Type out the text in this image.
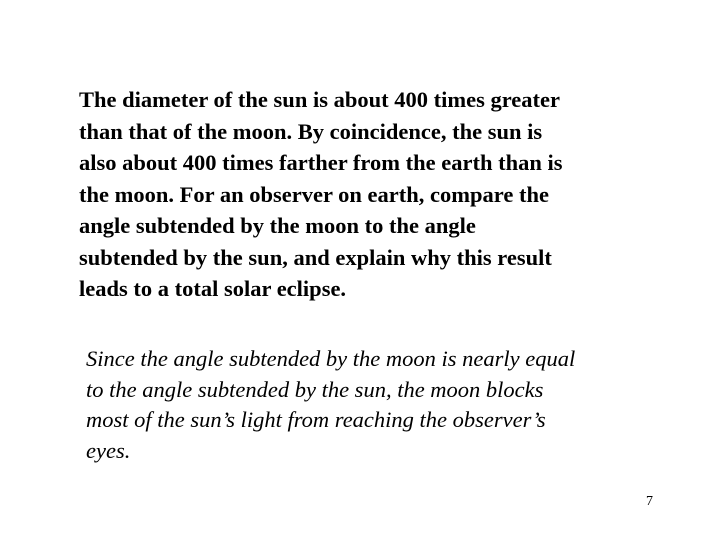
The diameter of the sun is about 400 times greater
than that of the moon. By coincidence, the sun is
also about 400 times farther from the earth than is
the moon. For an observer on earth, compare the
angle subtended by the moon to the angle
subtended by the sun, and explain why this result
leads to a total solar eclipse.

Since the angle subtended by the moon is nearly equal
to the angle subtended by the sun, the moon blocks
most of the sun’s light from reaching the observer’s
eyes.

7
